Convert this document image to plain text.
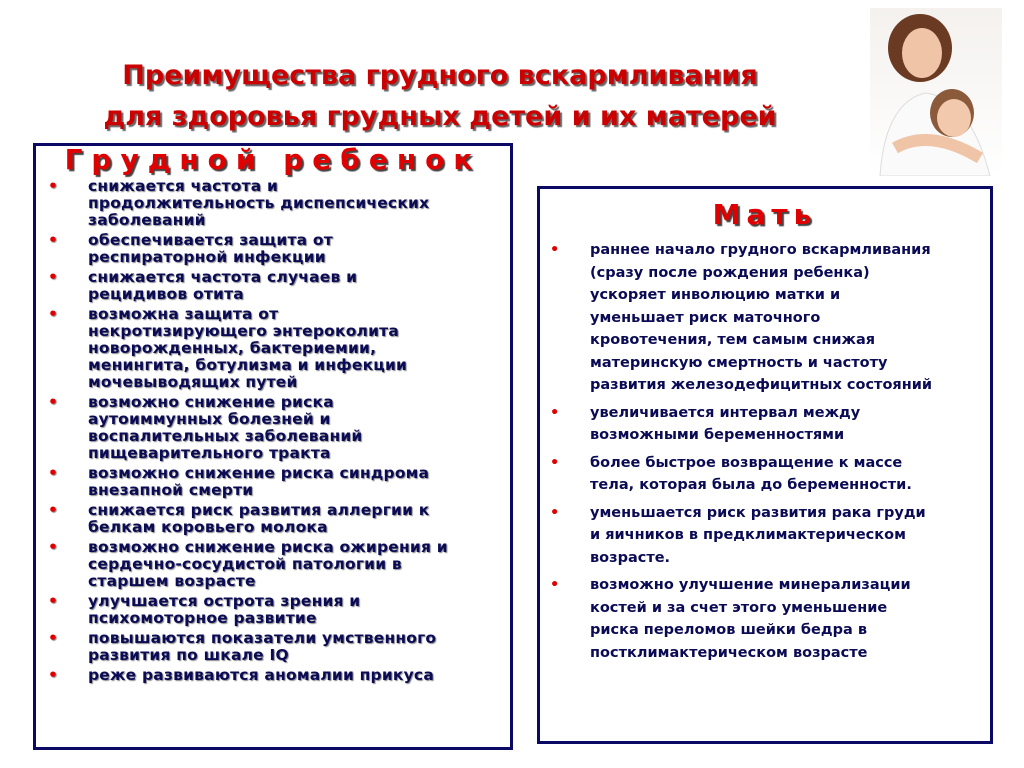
Преимущества грудного вскармливания
для здоровья грудных детей и их матерей
Грудной ребенок
• снижается частота и
продолжительность диспепсических
заболеваний
• обеспечивается защита от
респираторной инфекции
• снижается частота случаев и
рецидивов отита
• возможна защита от
некротизирующего энтероколита
новорожденных, бактериемии,
менингита, ботулизма и инфекции
мочевыводящих путей
• возможно снижение риска
аутоиммунных болезней и
воспалительных заболеваний
пищеварительного тракта
• возможно снижение риска синдрома
внезапной смерти
• снижается риск развития аллергии к
белкам коровьего молока
• возможно снижение риска ожирения и
сердечно-сосудистой патологии в
старшем возрасте
• улучшается острота зрения и
психомоторное развитие
• повышаются показатели умственного
развития по шкале IQ
• реже развиваются аномалии прикуса
Мать
• раннее начало грудного вскармливания
(сразу после рождения ребенка)
ускоряет инволюцию матки и
уменьшает риск маточного
кровотечения, тем самым снижая
материнскую смертность и частоту
развития железодефицитных состояний
• увеличивается интервал между
возможными беременностями
• более быстрое возвращение к массе
тела, которая была до беременности.
• уменьшается риск развития рака груди
и яичников в предклимактерическом
возрасте.
• возможно улучшение минерализации
костей и за счет этого уменьшение
риска переломов шейки бедра в
постклимактерическом возрасте
